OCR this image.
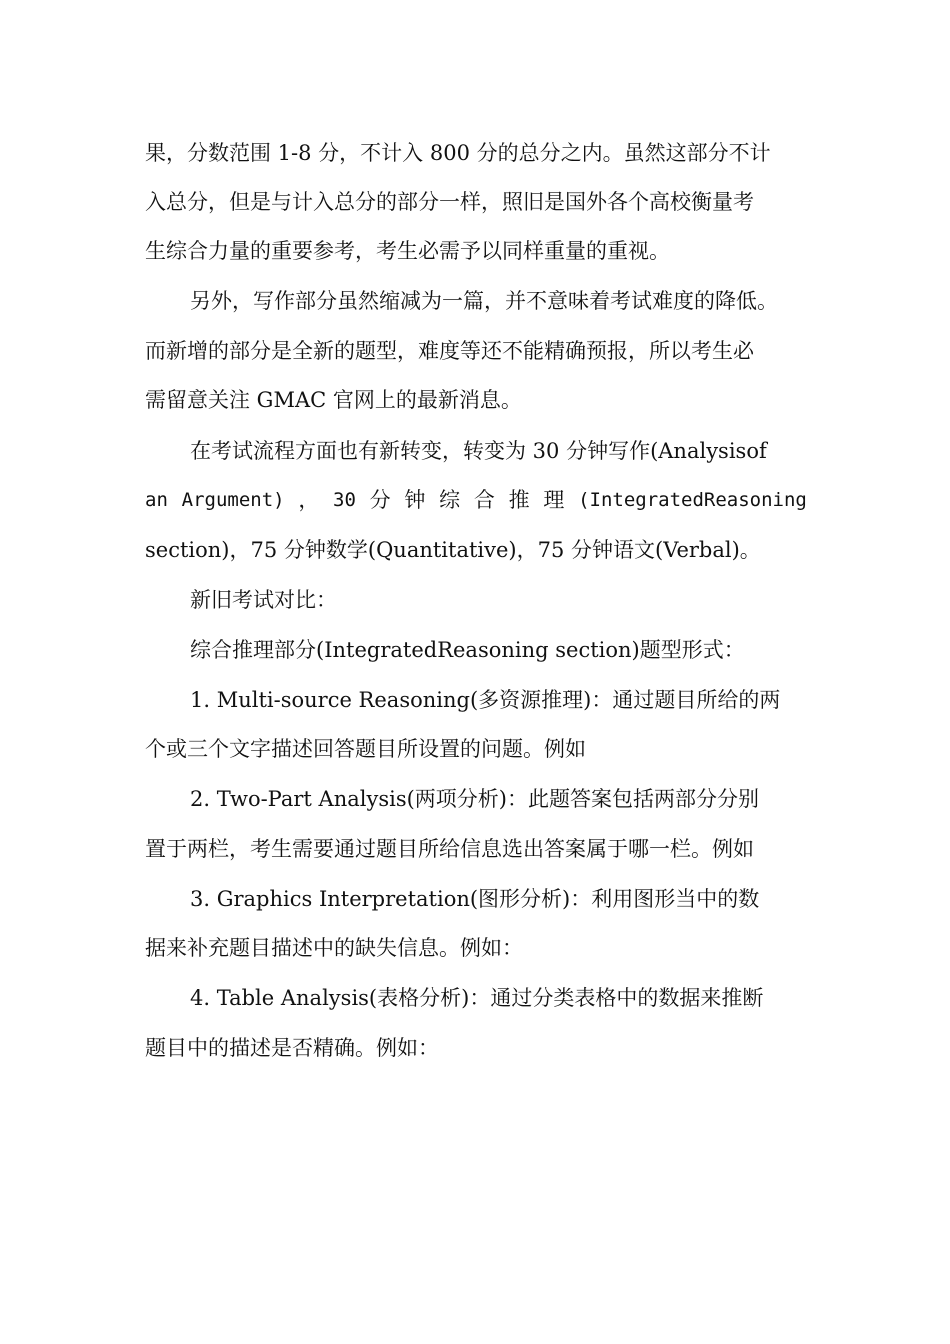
果，分数范围 1-8 分，不计入 800 分的总分之内。虽然这部分不计
入总分，但是与计入总分的部分一样，照旧是国外各个高校衡量考
生综合力量的重要参考，考生必需予以同样重量的重视。
另外，写作部分虽然缩减为一篇，并不意味着考试难度的降低。
而新增的部分是全新的题型，难度等还不能精确预报，所以考生必
需留意关注 GMAC 官网上的最新消息。
在考试流程方面也有新转变，转变为 30 分钟写作(Analysisof
an Argument) ， 30 分 钟 综 合 推 理 (IntegratedReasoning
section)，75 分钟数学(Quantitative)，75 分钟语文(Verbal)。
新旧考试对比：
综合推理部分(IntegratedReasoning section)题型形式：
1. Multi-source Reasoning(多资源推理)：通过题目所给的两
个或三个文字描述回答题目所设置的问题。例如
2. Two-Part Analysis(两项分析)：此题答案包括两部分分别
置于两栏，考生需要通过题目所给信息选出答案属于哪一栏。例如
3. Graphics Interpretation(图形分析)：利用图形当中的数
据来补充题目描述中的缺失信息。例如：
4. Table Analysis(表格分析)：通过分类表格中的数据来推断
题目中的描述是否精确。例如：
